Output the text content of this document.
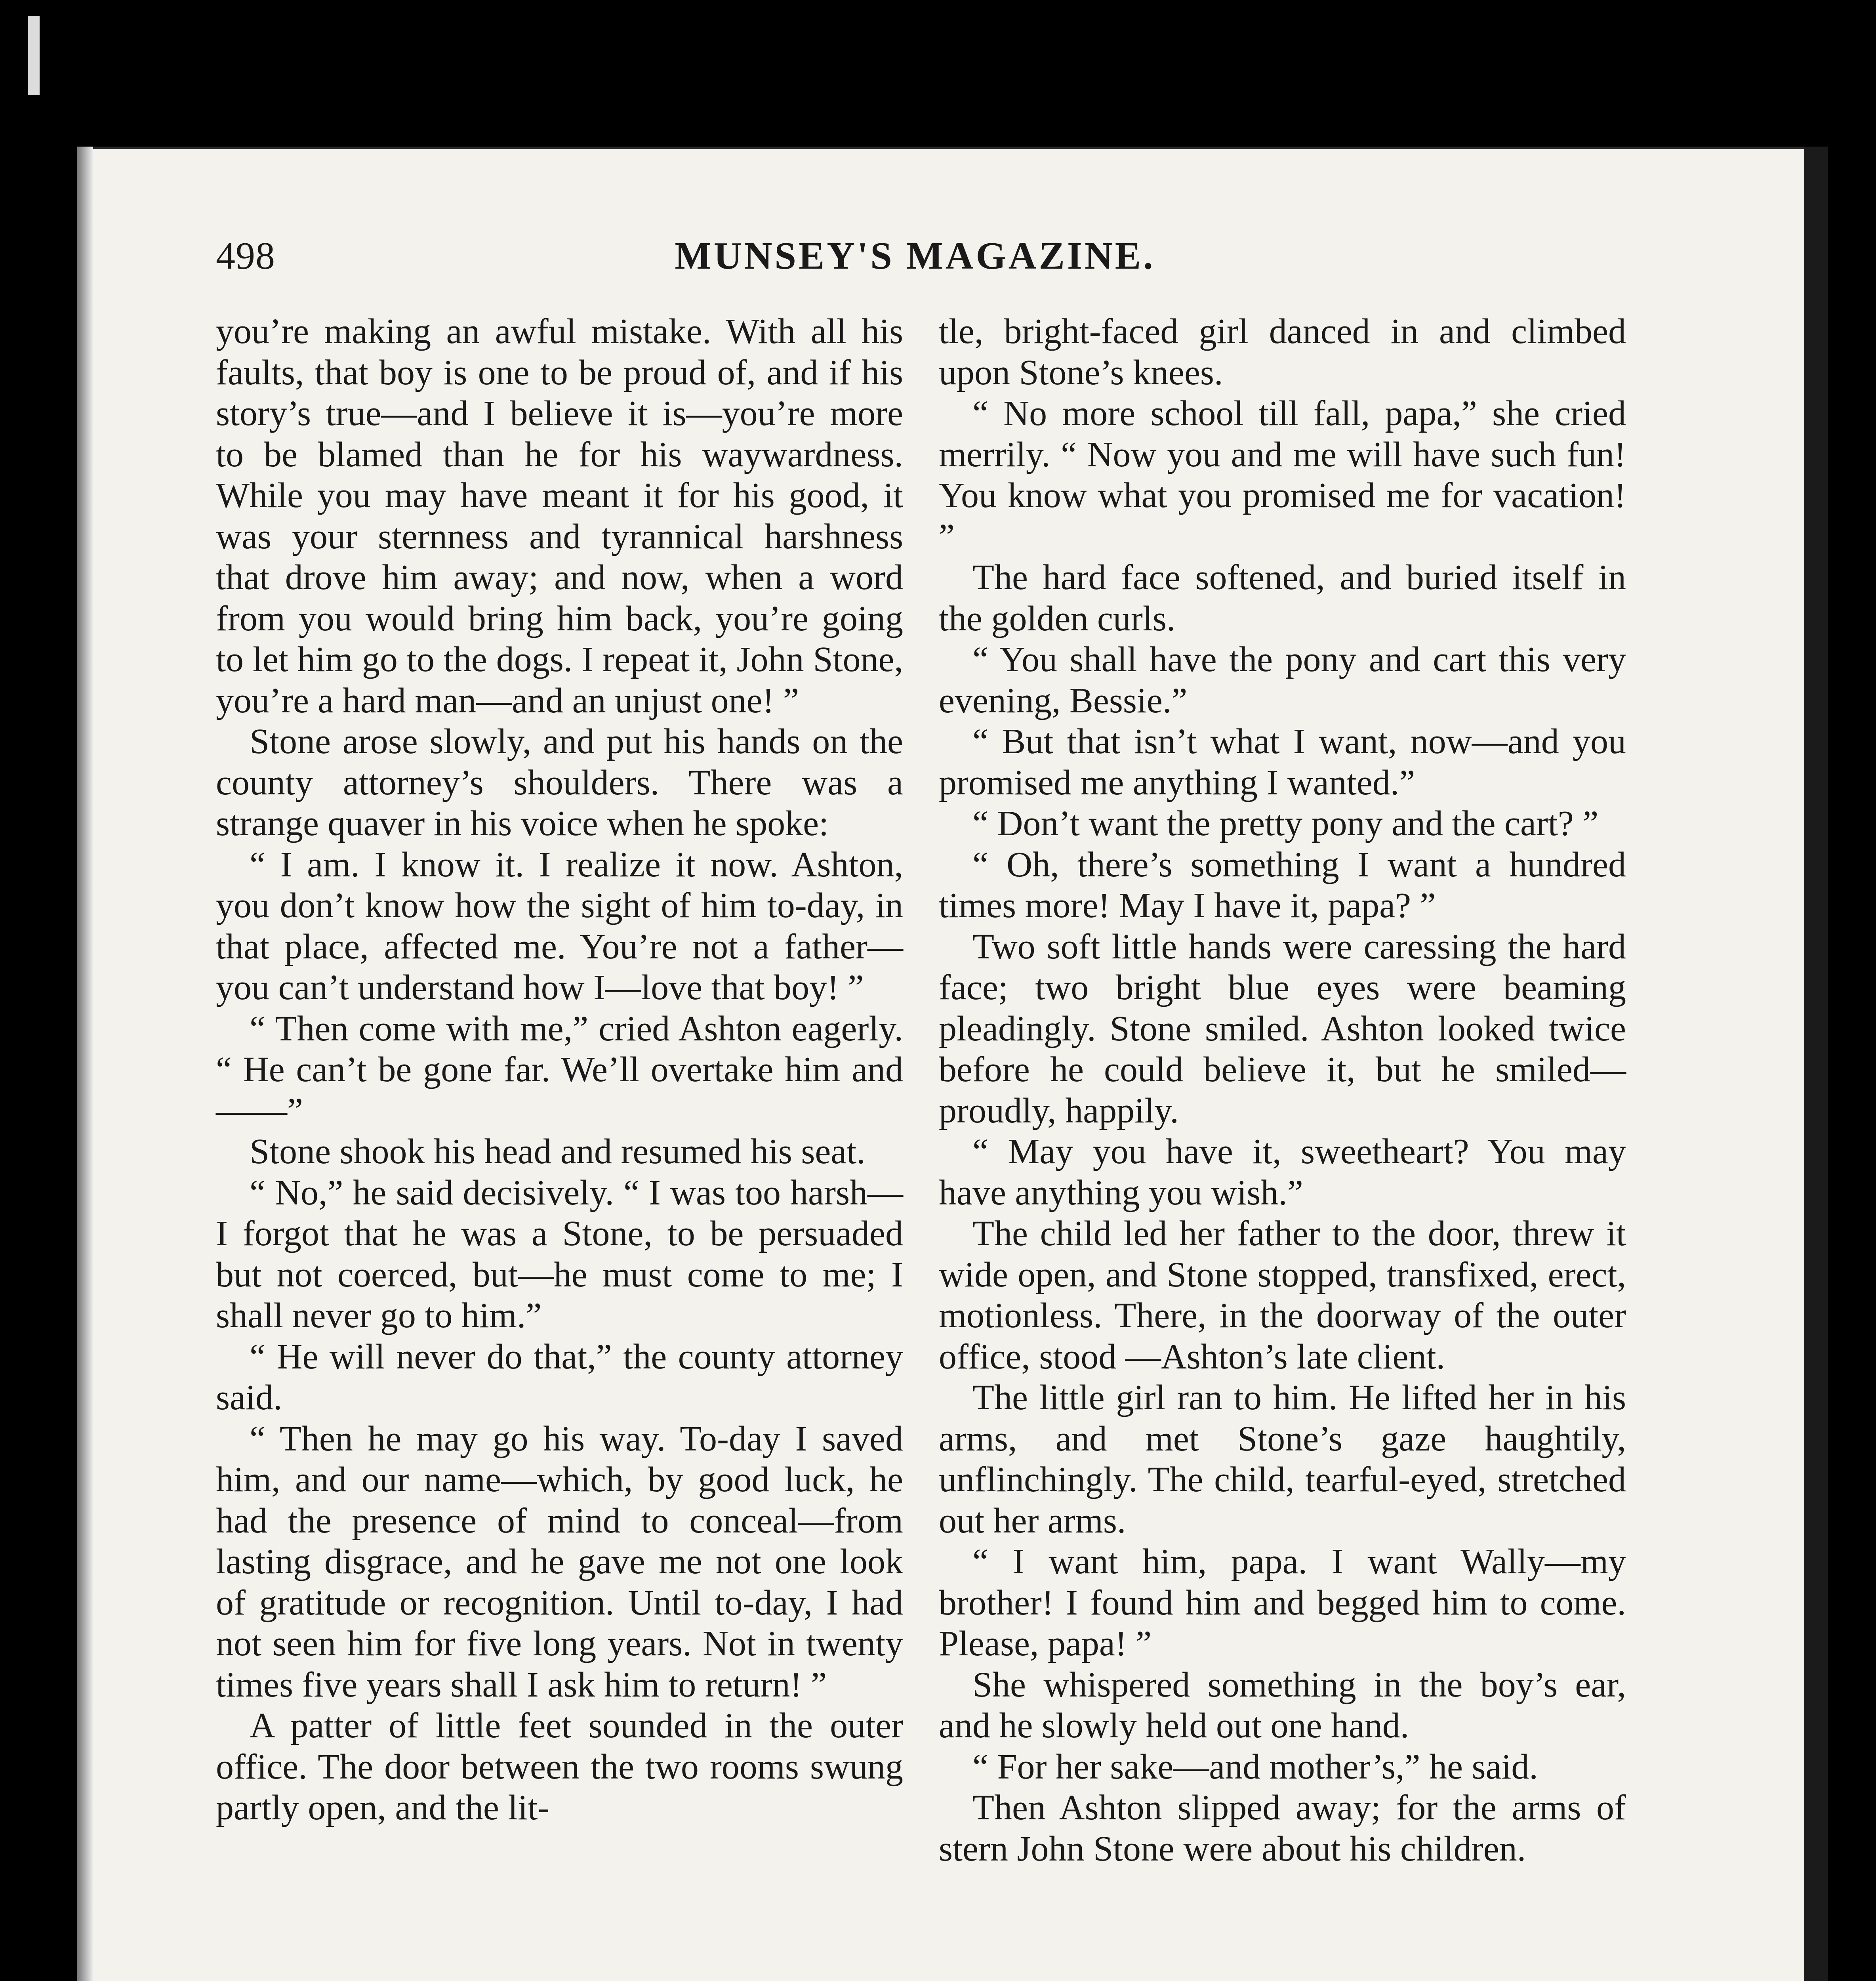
498	MUNSEY'S MAGAZINE.

you’re making an awful mistake. With all his faults, that boy is one to be proud of, and if his story’s true—and I believe it is—you’re more to be blamed than he for his waywardness. While you may have meant it for his good, it was your sternness and tyrannical harshness that drove him away; and now, when a word from you would bring him back, you’re going to let him go to the dogs. I repeat it, John Stone, you’re a hard man—and an unjust one! ”

Stone arose slowly, and put his hands on the county attorney’s shoulders. There was a strange quaver in his voice when he spoke:

“ I am. I know it. I realize it now. Ashton, you don’t know how the sight of him to-day, in that place, affected me. You’re not a father—you can’t understand how I—love that boy! ”

“ Then come with me,” cried Ashton eagerly. “ He can’t be gone far. We’ll overtake him and——”

Stone shook his head and resumed his seat.

“ No,” he said decisively. “ I was too harsh—I forgot that he was a Stone, to be persuaded but not coerced, but—he must come to me; I shall never go to him.”

“ He will never do that,” the county attorney said.

“ Then he may go his way. To-day I saved him, and our name—which, by good luck, he had the presence of mind to conceal—from lasting disgrace, and he gave me not one look of gratitude or recognition. Until to-day, I had not seen him for five long years. Not in twenty times five years shall I ask him to return! ”

A patter of little feet sounded in the outer office. The door between the two rooms swung partly open, and the lit-

tle, bright-faced girl danced in and climbed upon Stone’s knees.

“ No more school till fall, papa,” she cried merrily. “ Now you and me will have such fun! You know what you promised me for vacation! ”

The hard face softened, and buried itself in the golden curls.

“ You shall have the pony and cart this very evening, Bessie.”

“ But that isn’t what I want, now—and you promised me anything I wanted.”

“ Don’t want the pretty pony and the cart? ”

“ Oh, there’s something I want a hundred times more! May I have it, papa? ”

Two soft little hands were caressing the hard face; two bright blue eyes were beaming pleadingly. Stone smiled. Ashton looked twice before he could believe it, but he smiled—proudly, happily.

“ May you have it, sweetheart? You may have anything you wish.”

The child led her father to the door, threw it wide open, and Stone stopped, transfixed, erect, motionless. There, in the doorway of the outer office, stood —Ashton’s late client.

The little girl ran to him. He lifted her in his arms, and met Stone’s gaze haughtily, unflinchingly. The child, tearful-eyed, stretched out her arms.

“ I want him, papa. I want Wally—my brother! I found him and begged him to come. Please, papa! ”

She whispered something in the boy’s ear, and he slowly held out one hand.

“ For her sake—and mother’s,” he said.

Then Ashton slipped away; for the arms of stern John Stone were about his children.
